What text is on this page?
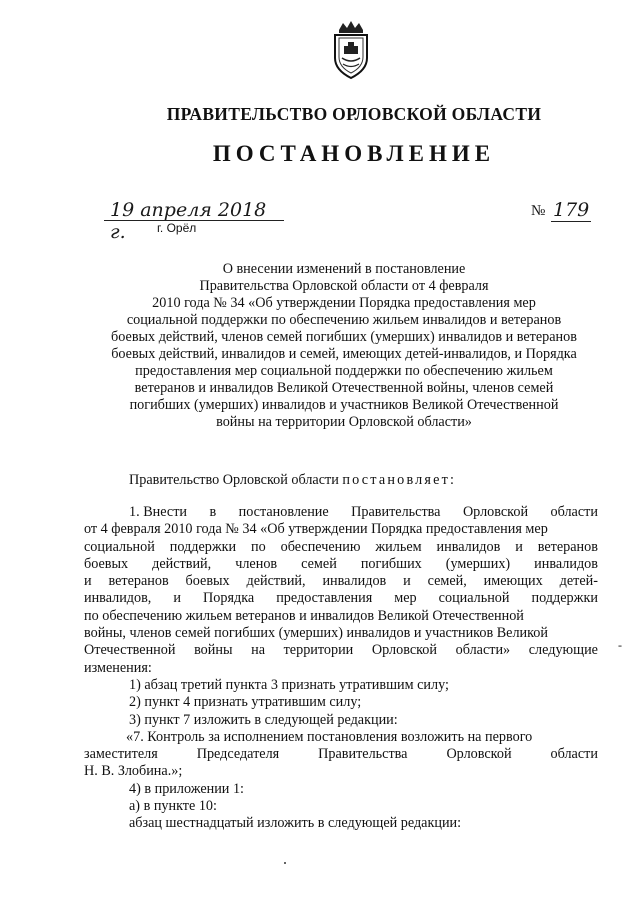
ПРАВИТЕЛЬСТВО ОРЛОВСКОЙ ОБЛАСТИ
ПОСТАНОВЛЕНИЕ
19 апреля 2018 г.	г. Орёл
№ 179
О внесении изменений в постановление
Правительства Орловской области от 4 февраля
2010 года № 34 «Об утверждении Порядка предоставления мер
социальной поддержки по обеспечению жильем инвалидов и ветеранов
боевых действий, членов семей погибших (умерших) инвалидов и ветеранов
боевых действий, инвалидов и семей, имеющих детей-инвалидов, и Порядка
предоставления мер социальной поддержки по обеспечению жильем
ветеранов и инвалидов Великой Отечественной войны, членов семей
погибших (умерших) инвалидов и участников Великой Отечественной
войны на территории Орловской области»
Правительство Орловской области постановляет:
1. Внести в постановление Правительства Орловской области
от 4 февраля 2010 года № 34 «Об утверждении Порядка предоставления мер
социальной поддержки по обеспечению жильем инвалидов и ветеранов
боевых действий, членов семей погибших (умерших) инвалидов
и ветеранов боевых действий, инвалидов и семей, имеющих детей-
инвалидов, и Порядка предоставления мер социальной поддержки
по обеспечению жильем ветеранов и инвалидов Великой Отечественной
войны, членов семей погибших (умерших) инвалидов и участников Великой
Отечественной войны на территории Орловской области» следующие
изменения:
1) абзац третий пункта 3 признать утратившим силу;
2) пункт 4 признать утратившим силу;
3) пункт 7 изложить в следующей редакции:
«7. Контроль за исполнением постановления возложить на первого
заместителя	Председателя	Правительства	Орловской	области
Н. В. Злобина.»;
4) в приложении 1:
а) в пункте 10:
абзац шестнадцатый изложить в следующей редакции:
-
